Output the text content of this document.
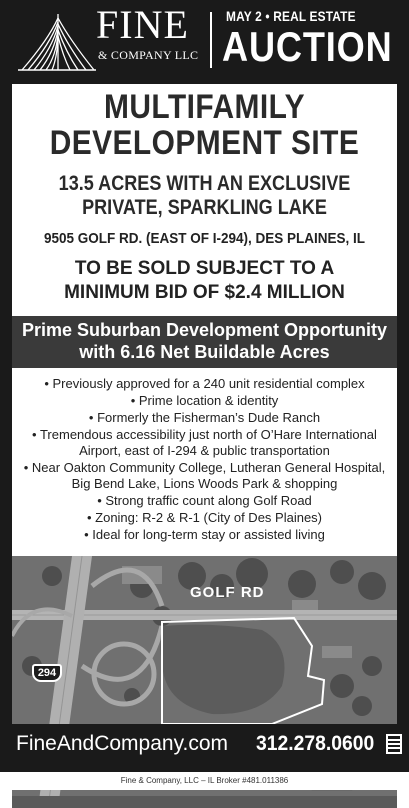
FINE
& COMPANY LLC
MAY 2 • REAL ESTATE
AUCTION
MULTIFAMILY
DEVELOPMENT SITE
13.5 ACRES WITH AN EXCLUSIVE
PRIVATE, SPARKLING LAKE
9505 GOLF RD. (EAST OF I-294), DES PLAINES, IL
TO BE SOLD SUBJECT TO A
MINIMUM BID OF $2.4 MILLION
Prime Suburban Development Opportunity
with 6.16 Net Buildable Acres
• Previously approved for a 240 unit residential complex
• Prime location & identity
• Formerly the Fisherman’s Dude Ranch
• Tremendous accessibility just north of O’Hare International
Airport, east of I-294 & public transportation
• Near Oakton Community College, Lutheran General Hospital,
Big Bend Lake, Lions Woods Park & shopping
• Strong traffic count along Golf Road
• Zoning: R-2 & R-1 (City of Des Plaines)
• Ideal for long-term stay or assisted living
GOLF RD
294
FineAndCompany.com 312.278.0600
Fine & Company, LLC – IL Broker #481.011386
